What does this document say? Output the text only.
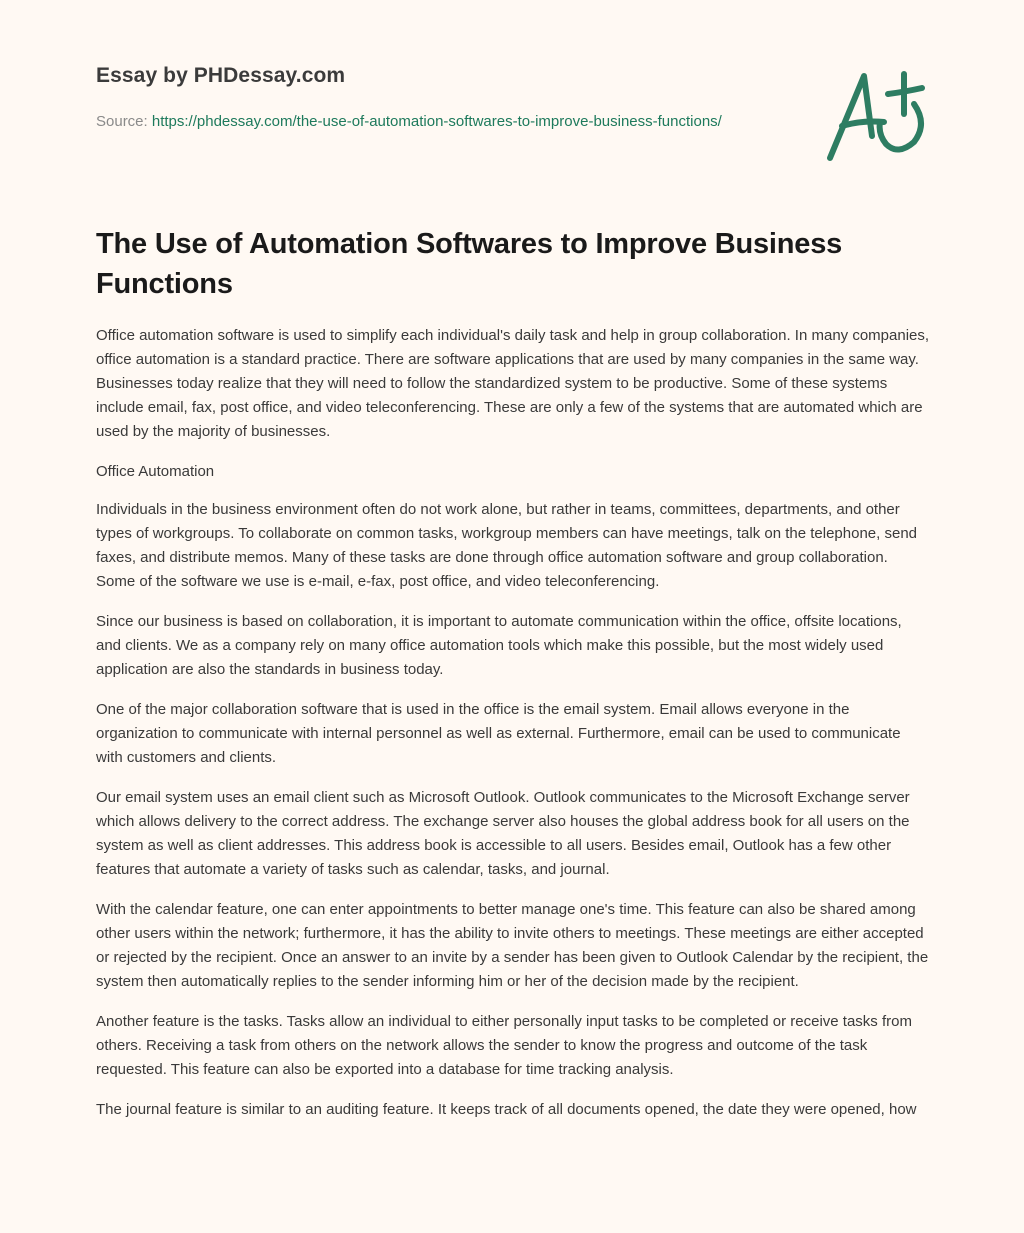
Essay by PHDessay.com

Source: https://phdessay.com/the-use-of-automation-softwares-to-improve-business-functions/

The Use of Automation Softwares to Improve Business Functions

Office automation software is used to simplify each individual's daily task and help in group collaboration. In many companies, office automation is a standard practice. There are software applications that are used by many companies in the same way. Businesses today realize that they will need to follow the standardized system to be productive. Some of these systems include email, fax, post office, and video teleconferencing. These are only a few of the systems that are automated which are used by the majority of businesses.

Office Automation

Individuals in the business environment often do not work alone, but rather in teams, committees, departments, and other types of workgroups. To collaborate on common tasks, workgroup members can have meetings, talk on the telephone, send faxes, and distribute memos. Many of these tasks are done through office automation software and group collaboration. Some of the software we use is e-mail, e-fax, post office, and video teleconferencing.

Since our business is based on collaboration, it is important to automate communication within the office, offsite locations, and clients. We as a company rely on many office automation tools which make this possible, but the most widely used application are also the standards in business today.

One of the major collaboration software that is used in the office is the email system. Email allows everyone in the organization to communicate with internal personnel as well as external. Furthermore, email can be used to communicate with customers and clients.

Our email system uses an email client such as Microsoft Outlook. Outlook communicates to the Microsoft Exchange server which allows delivery to the correct address. The exchange server also houses the global address book for all users on the system as well as client addresses. This address book is accessible to all users. Besides email, Outlook has a few other features that automate a variety of tasks such as calendar, tasks, and journal.

With the calendar feature, one can enter appointments to better manage one's time. This feature can also be shared among other users within the network; furthermore, it has the ability to invite others to meetings. These meetings are either accepted or rejected by the recipient. Once an answer to an invite by a sender has been given to Outlook Calendar by the recipient, the system then automatically replies to the sender informing him or her of the decision made by the recipient.

Another feature is the tasks. Tasks allow an individual to either personally input tasks to be completed or receive tasks from others. Receiving a task from others on the network allows the sender to know the progress and outcome of the task requested. This feature can also be exported into a database for time tracking analysis.

The journal feature is similar to an auditing feature. It keeps track of all documents opened, the date they were opened, how
